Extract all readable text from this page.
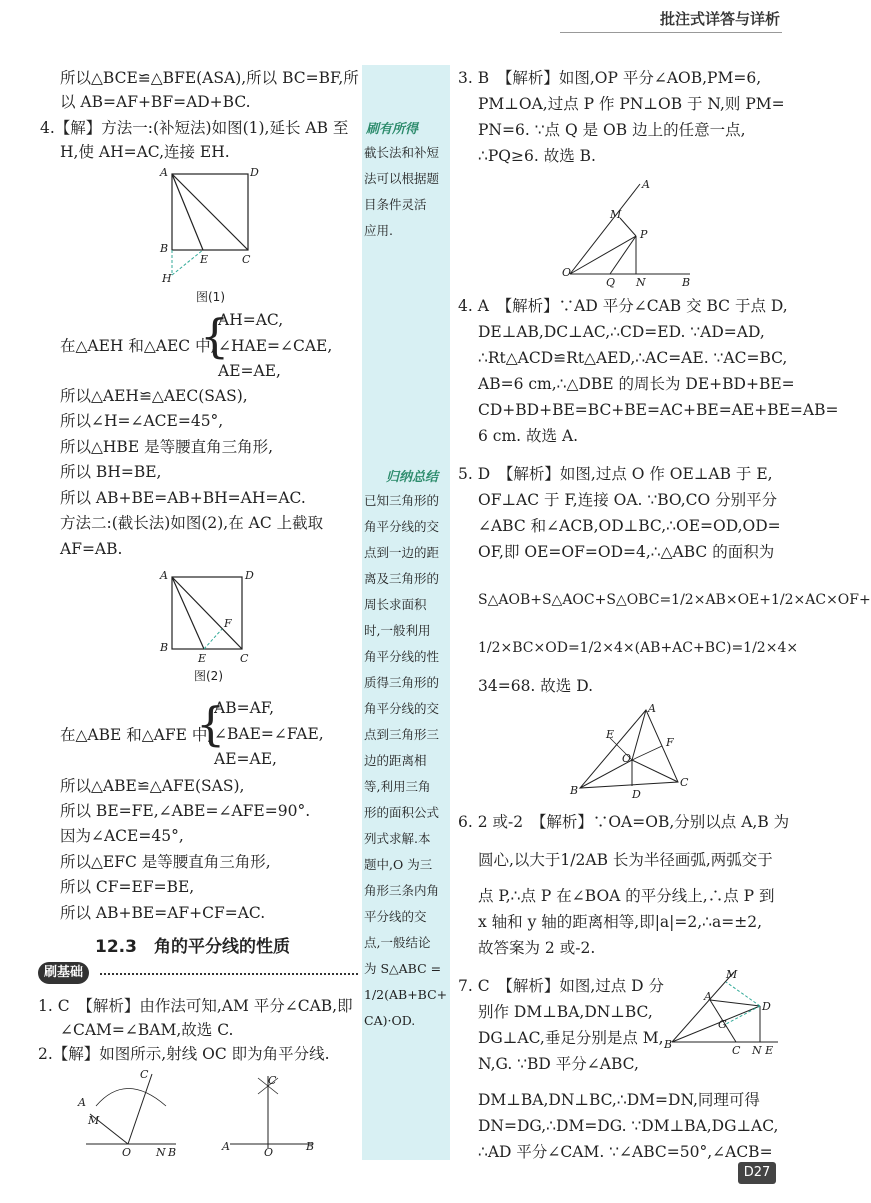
批注式详答与详析
所以△BCE≌△BFE(ASA),所以 BC=BF,所
以 AB=AF+BF=AD+BC.
4.【解】方法一:(补短法)如图(1),延长 AB 至
H,使 AH=AC,连接 EH.
A	D
B
E	C
H
图(1)
在△AEH 和△AEC 中,
{
AH=AC,
∠HAE=∠CAE,
AE=AE,
所以△AEH≌△AEC(SAS),
所以∠H=∠ACE=45°,
所以△HBE 是等腰直角三角形,
所以 BH=BE,
所以 AB+BE=AB+BH=AH=AC.
方法二:(截长法)如图(2),在 AC 上截取
AF=AB.
A	D
B
E	C
F
图(2)
在△ABE 和△AFE 中,
{
AB=AF,
∠BAE=∠FAE,
AE=AE,
所以△ABE≌△AFE(SAS),
所以 BE=FE,∠ABE=∠AFE=90°.
因为∠ACE=45°,
所以△EFC 是等腰直角三角形,
所以 CF=EF=BE,
所以 AB+BE=AF+CF=AC.
12.3　角的平分线的性质
刷基础
1. C　【解析】由作法可知,AM 平分∠CAB,即
∠CAM=∠BAM,故选 C.
2.【解】如图所示,射线 OC 即为角平分线.
A
M
O N B
C
A	O	B
C
刷有所得
截长法和补短
法可以根据题
目条件灵活
应用.
归纳总结
已知三角形的
角平分线的交
点到一边的距
离及三角形的
周长求面积
时,一般利用
角平分线的性
质得三角形的
角平分线的交
点到三角形三
边的距离相
等,利用三角
形的面积公式
列式求解.本
题中,O 为三
角形三条内角
平分线的交
点,一般结论
为 S△ABC =
1/2(AB+BC+
CA)·OD.
3. B　【解析】如图,OP 平分∠AOB,PM=6,
PM⊥OA,过点 P 作 PN⊥OB 于 N,则 PM=
PN=6. ∵点 Q 是 OB 边上的任意一点,
∴PQ≥6. 故选 B.
A
M
P
O
Q N	B
4. A　【解析】∵AD 平分∠CAB 交 BC 于点 D,
DE⊥AB,DC⊥AC,∴CD=ED. ∵AD=AD,
∴Rt△ACD≌Rt△AED,∴AC=AE. ∵AC=BC,
AB=6 cm,∴△DBE 的周长为 DE+BD+BE=
CD+BD+BE=BC+BE=AC+BE=AE+BE=AB=
6 cm. 故选 A.
5. D　【解析】如图,过点 O 作 OE⊥AB 于 E,
OF⊥AC 于 F,连接 OA. ∵BO,CO 分别平分
∠ABC 和∠ACB,OD⊥BC,∴OE=OD,OD=
OF,即 OE=OF=OD=4,∴△ABC 的面积为
S△AOB+S△AOC+S△OBC=1/2×AB×OE+1/2×AC×OF+
1/2×BC×OD=1/2×4×(AB+AC+BC)=1/2×4×
34=68. 故选 D.
A
E
F
O
B	D
C
6. 2 或-2　【解析】∵OA=OB,分别以点 A,B 为
圆心,以大于1/2AB 长为半径画弧,两弧交于
点 P,∴点 P 在∠BOA 的平分线上,∴点 P 到
x 轴和 y 轴的距离相等,即|a|=2,∴a=±2,
故答案为 2 或-2.
7. C　【解析】如图,过点 D 分
别作 DM⊥BA,DN⊥BC,
DG⊥AC,垂足分别是点 M,
N,G. ∵BD 平分∠ABC,
M
A
D
G
B	C N E
DM⊥BA,DN⊥BC,∴DM=DN,同理可得
DN=DG,∴DM=DG. ∵DM⊥BA,DG⊥AC,
∴AD 平分∠CAM. ∵∠ABC=50°,∠ACB=
D27
